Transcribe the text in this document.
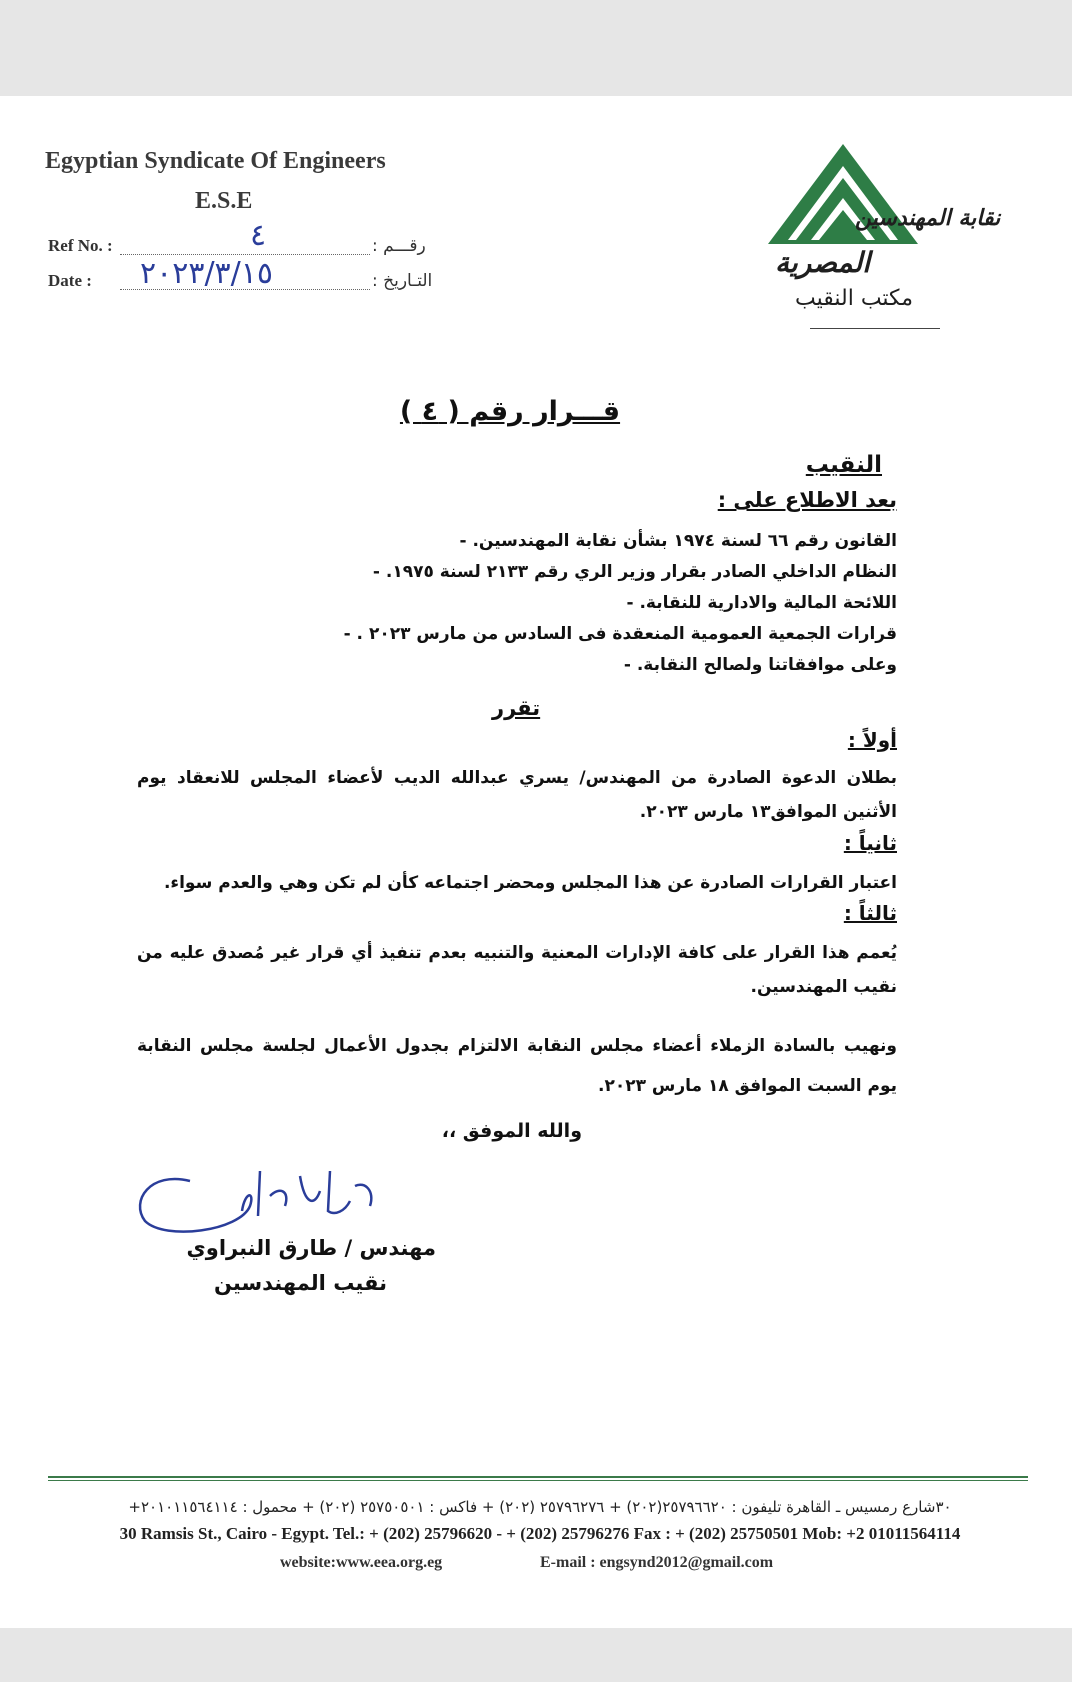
Egyptian Syndicate Of Engineers
E.S.E
Ref No. :	٤	رقـــم :
Date : ٢٠٢٣/٣/١٥	التـاريخ :
نقابة المهندسين
المصرية
مكتب النقيب
قـــرار رقم ( ٤ )
النقيب
بعد الاطلاع على :
القانون رقم ٦٦ لسنة ١٩٧٤ بشأن نقابة المهندسين. -
النظام الداخلي الصادر بقرار وزير الري رقم ٢١٣٣ لسنة ١٩٧٥. -
اللائحة المالية والادارية للنقابة. -
قرارات الجمعية العمومية المنعقدة فى السادس من مارس ٢٠٢٣ . -
وعلى موافقاتنا ولصالح النقابة. -
تقرر
أولاً :
بطلان الدعوة الصادرة من المهندس/ يسري عبدالله الديب لأعضاء المجلس للانعقاد يوم الأثنين الموافق١٣ مارس ٢٠٢٣.
ثانياً :
اعتبار القرارات الصادرة عن هذا المجلس ومحضر اجتماعه كأن لم تكن وهي والعدم سواء.
ثالثاً :
يُعمم هذا القرار على كافة الإدارات المعنية والتنبيه بعدم تنفيذ أي قرار غير مُصدق عليه من نقيب المهندسين.
ونهيب بالسادة الزملاء أعضاء مجلس النقابة الالتزام بجدول الأعمال لجلسة مجلس النقابة يوم السبت الموافق ١٨ مارس ٢٠٢٣.
والله الموفق ،،
مهندس / طارق النبراوي
نقيب المهندسين
٣٠شارع رمسيس ـ القاهرة تليفون : ٢٥٧٩٦٦٢٠(٢٠٢) + ٢٥٧٩٦٢٧٦ (٢٠٢) + فاكس : ٢٥٧٥٠٥٠١ (٢٠٢) + محمول : ٢٠١٠١١٥٦٤١١٤+
30 Ramsis St., Cairo - Egypt. Tel.: + (202) 25796620 - + (202) 25796276 Fax : + (202) 25750501 Mob: +2 01011564114
website:www.eea.org.eg	E-mail : engsynd2012@gmail.com
